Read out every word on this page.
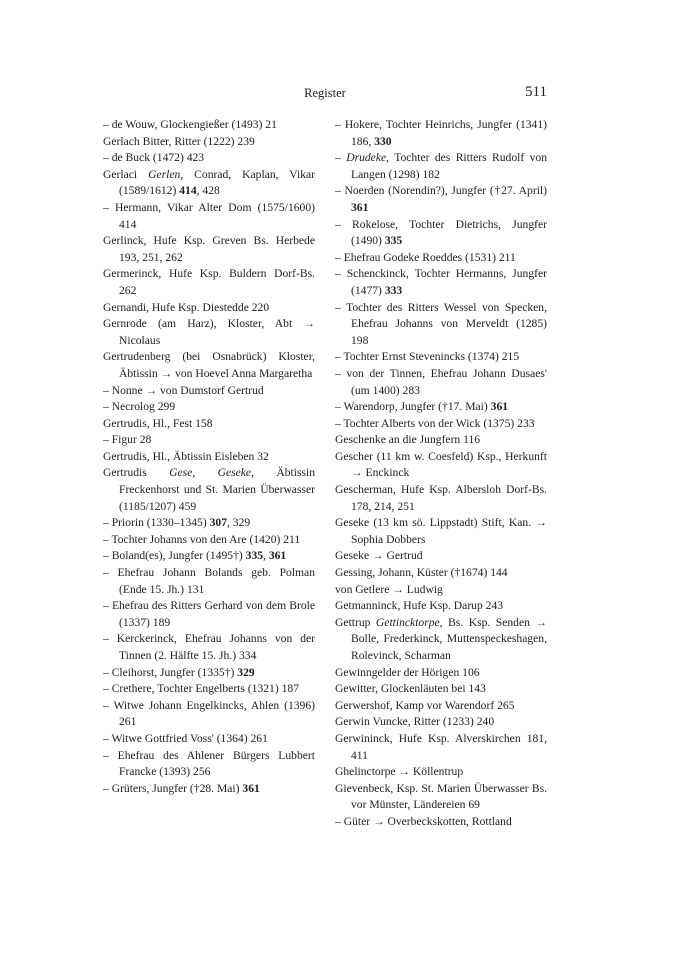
Register	511
– de Wouw, Glockengießer (1493) 21
Gerlach Bitter, Ritter (1222) 239
– de Buck (1472) 423
Gerlaci Gerlen, Conrad, Kaplan, Vikar (1589/1612) 414, 428
– Hermann, Vikar Alter Dom (1575/1600) 414
Gerlinck, Hufe Ksp. Greven Bs. Herbede 193, 251, 262
Germerinck, Hufe Ksp. Buldern Dorf-Bs. 262
Gernandi, Hufe Ksp. Diestedde 220
Gernrode (am Harz), Kloster, Abt → Nicolaus
Gertrudenberg (bei Osnabrück) Kloster, Äbtissin → von Hoevel Anna Margaretha
– Nonne → von Dumstorf Gertrud
– Necrolog 299
Gertrudis, Hl., Fest 158
– Figur 28
Gertrudis, Hl., Äbtissin Eisleben 32
Gertrudis Gese, Geseke, Äbtissin Freckenhorst und St. Marien Überwasser (1185/1207) 459
– Priorin (1330–1345) 307, 329
– Tochter Johanns von den Are (1420) 211
– Boland(es), Jungfer (1495†) 335, 361
– Ehefrau Johann Bolands geb. Polman (Ende 15. Jh.) 131
– Ehefrau des Ritters Gerhard von dem Brole (1337) 189
– Kerckerinck, Ehefrau Johanns von der Tinnen (2. Hälfte 15. Jh.) 334
– Cleihorst, Jungfer (1335†) 329
– Crethere, Tochter Engelberts (1321) 187
– Witwe Johann Engelkincks, Ahlen (1396) 261
– Witwe Gottfried Voss' (1364) 261
– Ehefrau des Ahlener Bürgers Lubbert Francke (1393) 256
– Grüters, Jungfer (†28. Mai) 361
– Hokere, Tochter Heinrichs, Jungfer (1341) 186, 330
– Drudeke, Tochter des Ritters Rudolf von Langen (1298) 182
– Noerden (Norendin?), Jungfer (†27. April) 361
– Rokelose, Tochter Dietrichs, Jungfer (1490) 335
– Ehefrau Godeke Roeddes (1531) 211
– Schenckinck, Tochter Hermanns, Jungfer (1477) 333
– Tochter des Ritters Wessel von Specken, Ehefrau Johanns von Merveldt (1285) 198
– Tochter Ernst Stevenincks (1374) 215
– von der Tinnen, Ehefrau Johann Dusaes' (um 1400) 283
– Warendorp, Jungfer (†17. Mai) 361
– Tochter Alberts von der Wick (1375) 233
Geschenke an die Jungfern 116
Gescher (11 km w. Coesfeld) Ksp., Herkunft → Enckinck
Gescherman, Hufe Ksp. Albersloh Dorf-Bs. 178, 214, 251
Geseke (13 km sö. Lippstadt) Stift, Kan. → Sophia Dobbers
Geseke → Gertrud
Gessing, Johann, Küster (†1674) 144
von Getlere → Ludwig
Getmanninck, Hufe Ksp. Darup 243
Gettrup Gettincktorpe, Bs. Ksp. Senden → Bolle, Frederkinck, Muttenspeckeshagen, Rolevinck, Scharman
Gewinngelder der Hörigen 106
Gewitter, Glockenläuten bei 143
Gerwershof, Kamp vor Warendorf 265
Gerwin Vuncke, Ritter (1233) 240
Gerwininck, Hufe Ksp. Alverskirchen 181, 411
Ghelinctorpe → Köllentrup
Gievenbeck, Ksp. St. Marien Überwasser Bs. vor Münster, Ländereien 69
– Güter → Overbeckskotten, Rottland
